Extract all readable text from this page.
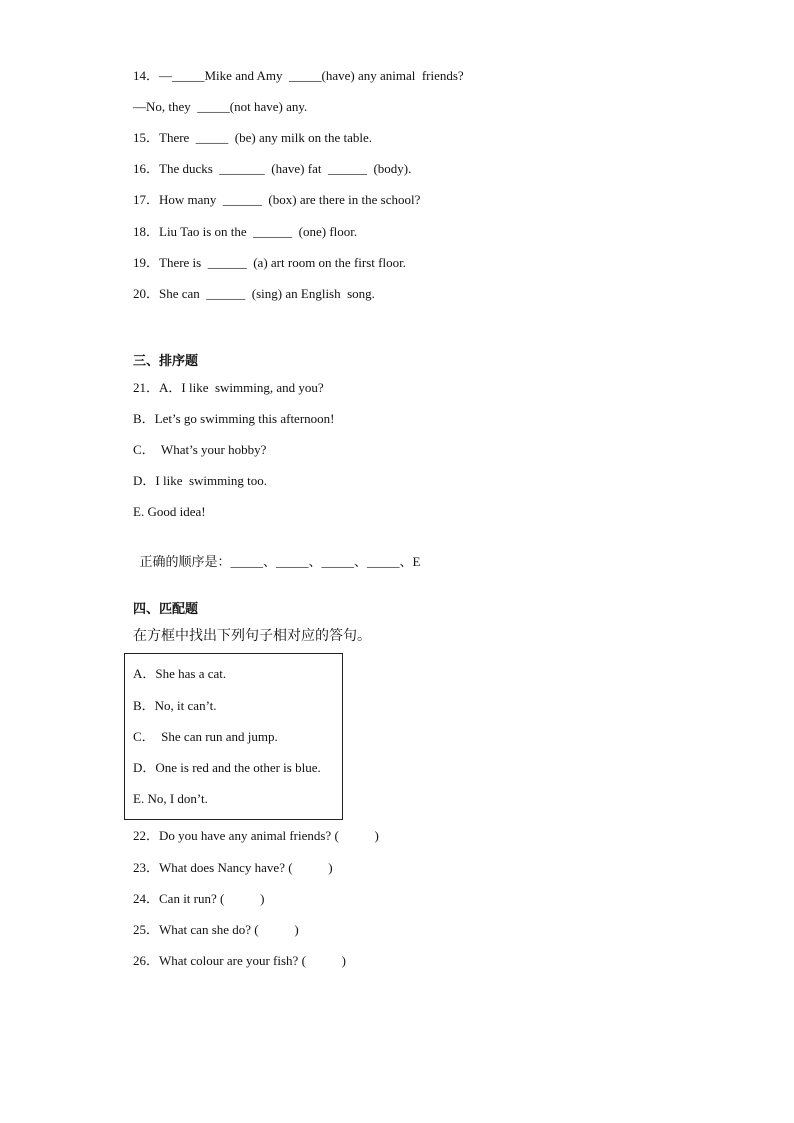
14．—_____Mike and Amy  _____(have) any animal  friends?
—No, they  _____(not have) any.
15．There  _____  (be) any milk on the table.
16．The ducks  _______  (have) fat  ______  (body).
17．How many  ______  (box) are there in the school?
18．Liu Tao is on the  ______  (one) floor.
19．There is  ______  (a) art room on the first floor.
20．She can  ______  (sing) an English  song.
三、排序题
21．A．I like  swimming, and you?
B．Let’s go swimming this afternoon!
C．  What’s your hobby?
D．I like  swimming too.
E. Good idea!

正确的顺序是：_____、_____、_____、_____、E

四、匹配题
在方框中找出下列句子相对应的答句。
A．She has a cat.
B．No, it can’t.
C．  She can run and jump.
D．One is red and the other is blue.
E. No, I don’t.
22．Do you have any animal friends? (           )
23．What does Nancy have? (           )
24．Can it run? (           )
25．What can she do? (           )
26．What colour are your fish? (           )
